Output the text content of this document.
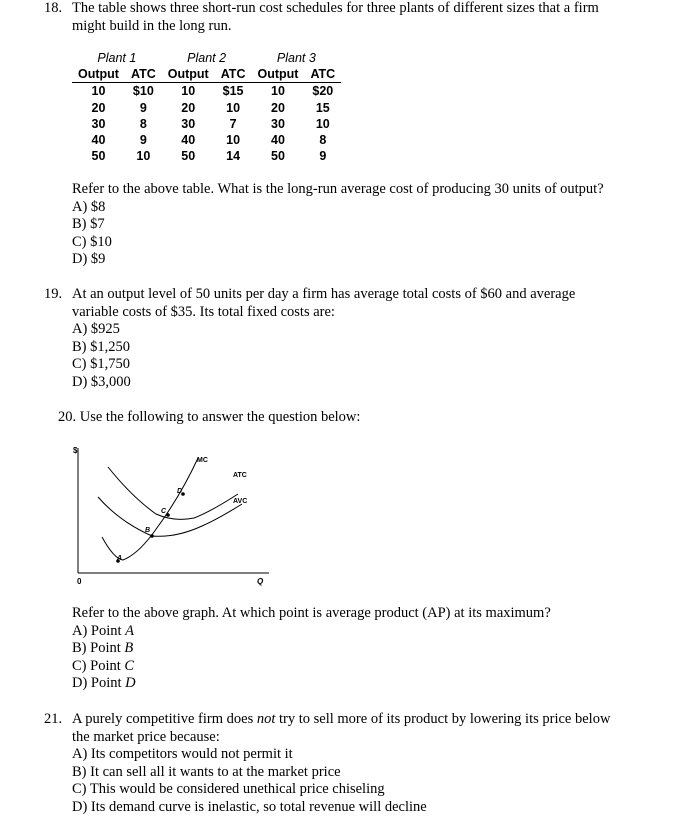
18. The table shows three short-run cost schedules for three plants of different sizes that a firm
might build in the long run.
Plant 1		Plant 2		Plant 3	
Output	ATC	Output	ATC	Output	ATC
10	$10	10	$15	10	$20
20	9	20	10	20	15
30	8	30	7	30	10
40	9	40	10	40	8
50	10	50	14	50	9
Refer to the above table. What is the long-run average cost of producing 30 units of output?
A) $8
B) $7
C) $10
D) $9
19. At an output level of 50 units per day a firm has average total costs of $60 and average
variable costs of $35. Its total fixed costs are:
A) $925
B) $1,250
C) $1,750
D) $3,000
20. Use the following to answer the question below:
$
0	Q
A
B
C
D
MC
ATC
AVC
Refer to the above graph. At which point is average product (AP) at its maximum?
A) Point A
B) Point B
C) Point C
D) Point D
21. A purely competitive firm does not try to sell more of its product by lowering its price below
the market price because:
A) Its competitors would not permit it
B) It can sell all it wants to at the market price
C) This would be considered unethical price chiseling
D) Its demand curve is inelastic, so total revenue will decline
